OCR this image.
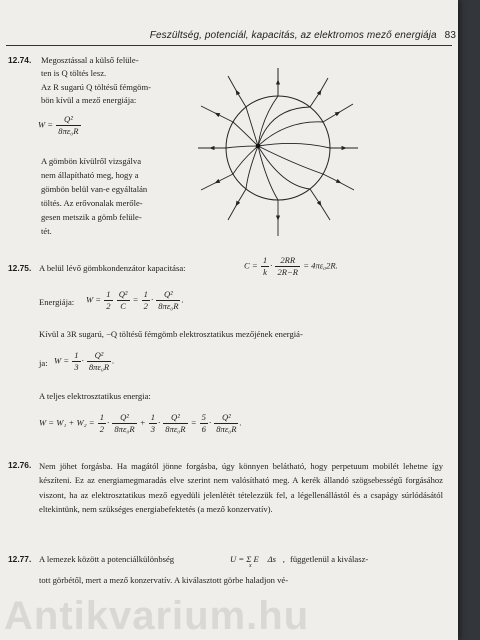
Feszültség, potenciál, kapacitás, az elektromos mező energiája 83
12.74. Megosztással a külső felüle-
ten is Q töltés lesz.
Az R sugarú Q töltésű fémgöm-
bön kívül a mező energiája:
$W = \frac{\text{Q²}}{\text{8πε₀R}}$
A gömbön kívülről vizsgálva
nem állapítható meg, hogy a
gömbön belül van-e egyáltalán
töltés. Az erővonalak merőle-
gesen metszik a gömb felülе-
tét.
12.75. A belül lévő gömbkondenzátor kapacitása:	$C = \frac{1}{k} \cdot \frac{2RR}{2R-R} = 4\pi\varepsilon_02R$.
Energiája: $W = \frac{1}{2}$
$\frac{\text{Q²}}{C} = \frac{1}{2} \cdot \frac{\text{Q²}}{\text{8πε₀R}}$ .
Kívül a 3R sugarú, −Q töltésű fémgömb elektrosztatikus mezőjének energiá-
ja: $W = \frac{1}{3} \cdot \frac{\text{Q²}}{\text{8πε₀R}}$ .
A teljes elektrosztatikus energia:
$W = W_1 + W_2 = \frac{1}{2} \cdot \frac{\text{Q²}}{\text{8πε₀R}} + \frac{1}{3} \cdot \frac{\text{Q²}}{\text{8πε₀R}} = \frac{5}{6} \cdot \frac{\text{Q²}}{\text{8πε₀R}}$ .
12.76. Nem jöhet forgásba. Ha magától jönne forgásba, úgy könnyen belátható, hogy perpetuum mobilét lehetne így készíteni. Ez az energiamegmaradás elve szerint nem valósítható meg. A kerék állandó szögsebességű forgásához viszont, ha az elektrosztatikus mező egyedüli jelenlétét tételezzük fel, a légellenállástól és a csapágy súrlódásától eltekintünk, nem szükséges energiabefektetés (a mező konzervatív).
12.77. A lemezek között a potenciálkülönbség	U = Σ E⃗ Δs⃗,
x
függetlenül a kiválasz-
tott görbétől, mert a mező konzervatív. A kiválasztott görbe haladjon vé-
Antikvarium.hu
